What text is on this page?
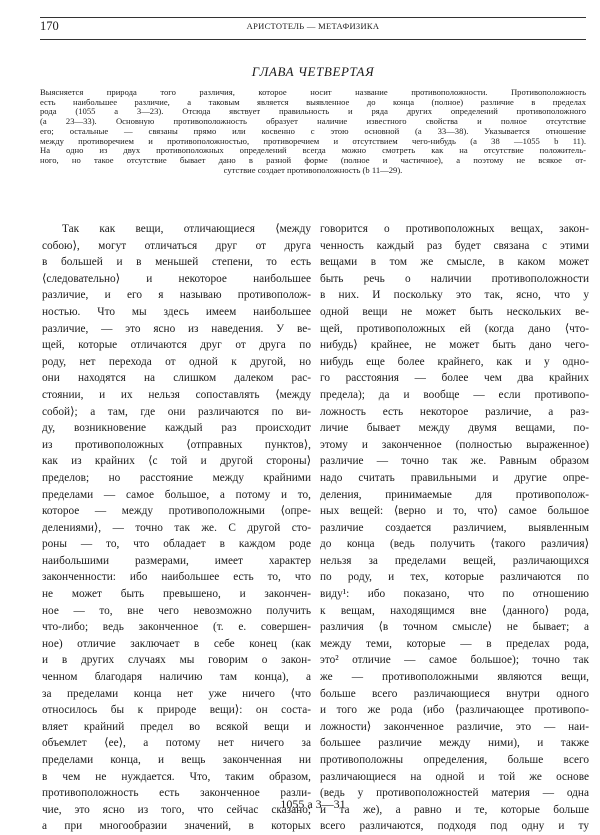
170	АРИСТОТЕЛЬ — МЕТАФИЗИКА
ГЛАВА ЧЕТВЕРТАЯ
Выясняется природа того различия, которое носит название противоположности. Противоположность
есть наибольшее различие, а таковым является выявленное до конца (полное) различие в пределах
рода (1055 a 3—23). Отсюда явствует правильность и ряда других определений противоположного
(a 23—33). Основную противоположность образует наличие известного свойства и полное отсутствие
его; остальные — связаны прямо или косвенно с этою основной (a 33—38). Указывается отношение
между противоречием и противоположностью, противоречием и отсутствием чего-нибудь (a 38 —1055 b 11).
На одно из двух противоположных определений всегда можно смотреть как на отсутствие положитель-
ного, но такое отсутствие бывает дано в разной форме (полное и частичное), а поэтому не всякое от-
сутствие создает противоположность (b 11—29).
Так как вещи, отличающиеся ⟨между
собою⟩, могут отличаться друг от друга
в большей и в меньшей степени, то есть
⟨следовательно⟩ и некоторое наибольшее
различие, и его я называю противополож-
ностью. Что мы здесь имеем наибольшее
различие, — это ясно из наведения. У ве-
щей, которые отличаются друг от друга по
роду, нет перехода от одной к другой, но
они находятся на слишком далеком рас-
стоянии, и их нельзя сопоставлять ⟨между
собой⟩; а там, где они различаются по ви-
ду, возникновение каждый раз происходит
из противоположных ⟨отправных пунктов⟩,
как из крайних ⟨с той и другой стороны⟩
пределов; но расстояние между крайними
пределами — самое большое, а потому и то,
которое — между противоположными ⟨опре-
делениями⟩, — точно так же. С другой сто-
роны — то, что обладает в каждом роде
наибольшими размерами, имеет характер
законченности: ибо наибольшее есть то, что
не может быть превышено, и закончен-
ное — то, вне чего невозможно получить
что-либо; ведь законченное (т. е. совершен-
ное) отличие заключает в себе конец (как
и в других случаях мы говорим о закон-
ченном благодаря наличию там конца), а
за пределами конца нет уже ничего ⟨что
относилось бы к природе вещи⟩: он соста-
вляет крайний предел во всякой вещи и
объемлет ⟨ее⟩, а потому нет ничего за
пределами конца, и вещь законченная ни
в чем не нуждается. Что, таким образом,
противоположность есть законченное разли-
чие, это ясно из того, что сейчас сказано;
а при многообразии значений, в которых
говорится о противоположных вещах, закон-
ченность каждый раз будет связана с этими
вещами в том же смысле, в каком может
быть речь о наличии противоположности
в них. И поскольку это так, ясно, что у
одной вещи не может быть нескольких ве-
щей, противоположных ей (когда дано ⟨что-
нибудь⟩ крайнее, не может быть дано чего-
нибудь еще более крайнего, как и у одно-
го расстояния — более чем два крайних
предела); да и вообще — если противопо-
ложность есть некоторое различие, а раз-
личие бывает между двумя вещами, по-
этому и законченное (полностью выраженное)
различие — точно так же. Равным образом
надо считать правильными и другие опре-
деления, принимаемые для противополож-
ных вещей: ⟨верно и то, что⟩ самое большое
различие создается различием, выявленным
до конца (ведь получить ⟨такого различия⟩
нельзя за пределами вещей, различающихся
по роду, и тех, которые различаются по
виду¹: ибо показано, что по отношению
к вещам, находящимся вне ⟨данного⟩ рода,
различия ⟨в точном смысле⟩ не бывает; а
между теми, которые — в пределах рода,
это² отличие — самое большое); точно так
же — противоположными являются вещи,
больше всего различающиеся внутри одного
и того же рода (ибо ⟨различающее противопо-
ложности⟩ законченное различие, это — наи-
большее различие между ними), и также
противоположны определения, больше всего
различающиеся на одной и той же основе
(ведь у противоположностей материя — одна
и та же), а равно и те, которые больше
всего различаются, подходя под одну и ту
1055 a 3—31
